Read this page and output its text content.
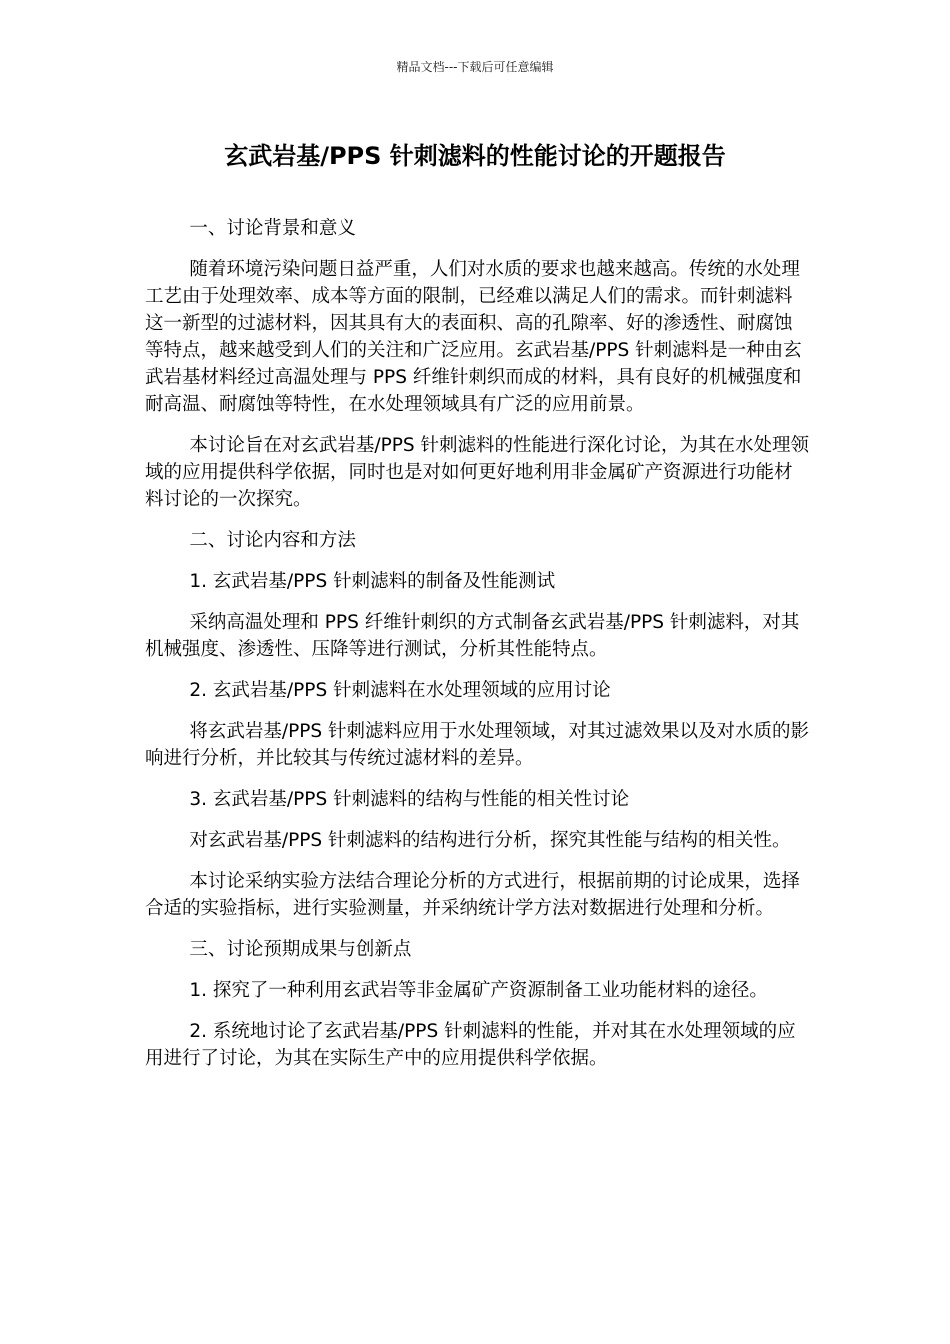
精品文档---下载后可任意编辑
玄武岩基/PPS 针刺滤料的性能讨论的开题报告

一、讨论背景和意义

随着环境污染问题日益严重，人们对水质的要求也越来越高。传统的水处理工艺由于处理效率、成本等方面的限制，已经难以满足人们的需求。而针刺滤料这一新型的过滤材料，因其具有大的表面积、高的孔隙率、好的渗透性、耐腐蚀等特点，越来越受到人们的关注和广泛应用。玄武岩基/PPS 针刺滤料是一种由玄武岩基材料经过高温处理与 PPS 纤维针刺织而成的材料，具有良好的机械强度和耐高温、耐腐蚀等特性，在水处理领域具有广泛的应用前景。

本讨论旨在对玄武岩基/PPS 针刺滤料的性能进行深化讨论，为其在水处理领域的应用提供科学依据，同时也是对如何更好地利用非金属矿产资源进行功能材料讨论的一次探究。

二、讨论内容和方法

1. 玄武岩基/PPS 针刺滤料的制备及性能测试

采纳高温处理和 PPS 纤维针刺织的方式制备玄武岩基/PPS 针刺滤料，对其机械强度、渗透性、压降等进行测试，分析其性能特点。

2. 玄武岩基/PPS 针刺滤料在水处理领域的应用讨论

将玄武岩基/PPS 针刺滤料应用于水处理领域，对其过滤效果以及对水质的影响进行分析，并比较其与传统过滤材料的差异。

3. 玄武岩基/PPS 针刺滤料的结构与性能的相关性讨论

对玄武岩基/PPS 针刺滤料的结构进行分析，探究其性能与结构的相关性。

本讨论采纳实验方法结合理论分析的方式进行，根据前期的讨论成果，选择合适的实验指标，进行实验测量，并采纳统计学方法对数据进行处理和分析。

三、讨论预期成果与创新点

1. 探究了一种利用玄武岩等非金属矿产资源制备工业功能材料的途径。

2. 系统地讨论了玄武岩基/PPS 针刺滤料的性能，并对其在水处理领域的应用进行了讨论，为其在实际生产中的应用提供科学依据。
